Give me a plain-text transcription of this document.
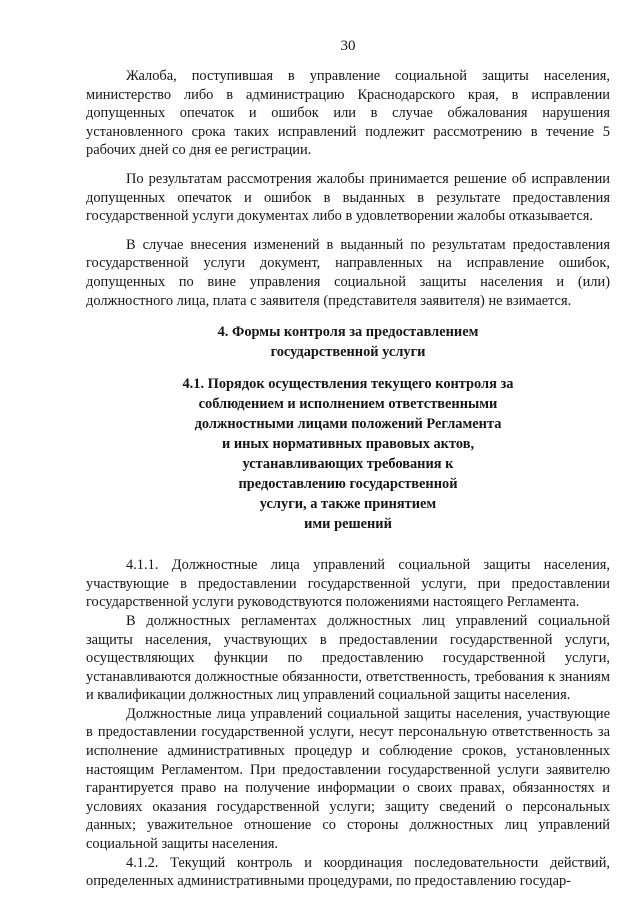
30

Жалоба, поступившая в управление социальной защиты населения, министерство либо в администрацию Краснодарского края, в исправлении допущенных опечаток и ошибок или в случае обжалования нарушения установленного срока таких исправлений подлежит рассмотрению в течение 5 рабочих дней со дня ее регистрации.

По результатам рассмотрения жалобы принимается решение об исправлении допущенных опечаток и ошибок в выданных в результате предоставления государственной услуги документах либо в удовлетворении жалобы отказывается.

В случае внесения изменений в выданный по результатам предоставления государственной услуги документ, направленных на исправление ошибок, допущенных по вине управления социальной защиты населения и (или) должностного лица, плата с заявителя (представителя заявителя) не взимается.

4. Формы контроля за предоставлением
государственной услуги
4.1. Порядок осуществления текущего контроля за
соблюдением и исполнением ответственными
должностными лицами положений Регламента
и иных нормативных правовых актов,
устанавливающих требования к
предоставлению государственной
услуги, а также принятием
ими решений

4.1.1. Должностные лица управлений социальной защиты населения, участвующие в предоставлении государственной услуги, при предоставлении государственной услуги руководствуются положениями настоящего Регламента.

В должностных регламентах должностных лиц управлений социальной защиты населения, участвующих в предоставлении государственной услуги, осуществляющих функции по предоставлению государственной услуги, устанавливаются должностные обязанности, ответственность, требования к знаниям и квалификации должностных лиц управлений социальной защиты населения.

Должностные лица управлений социальной защиты населения, участвующие в предоставлении государственной услуги, несут персональную ответственность за исполнение административных процедур и соблюдение сроков, установленных настоящим Регламентом. При предоставлении государственной услуги заявителю гарантируется право на получение информации о своих правах, обязанностях и условиях оказания государственной услуги; защиту сведений о персональных данных; уважительное отношение со стороны должностных лиц управлений социальной защиты населения.

4.1.2. Текущий контроль и координация последовательности действий, определенных административными процедурами, по предоставлению государ-
